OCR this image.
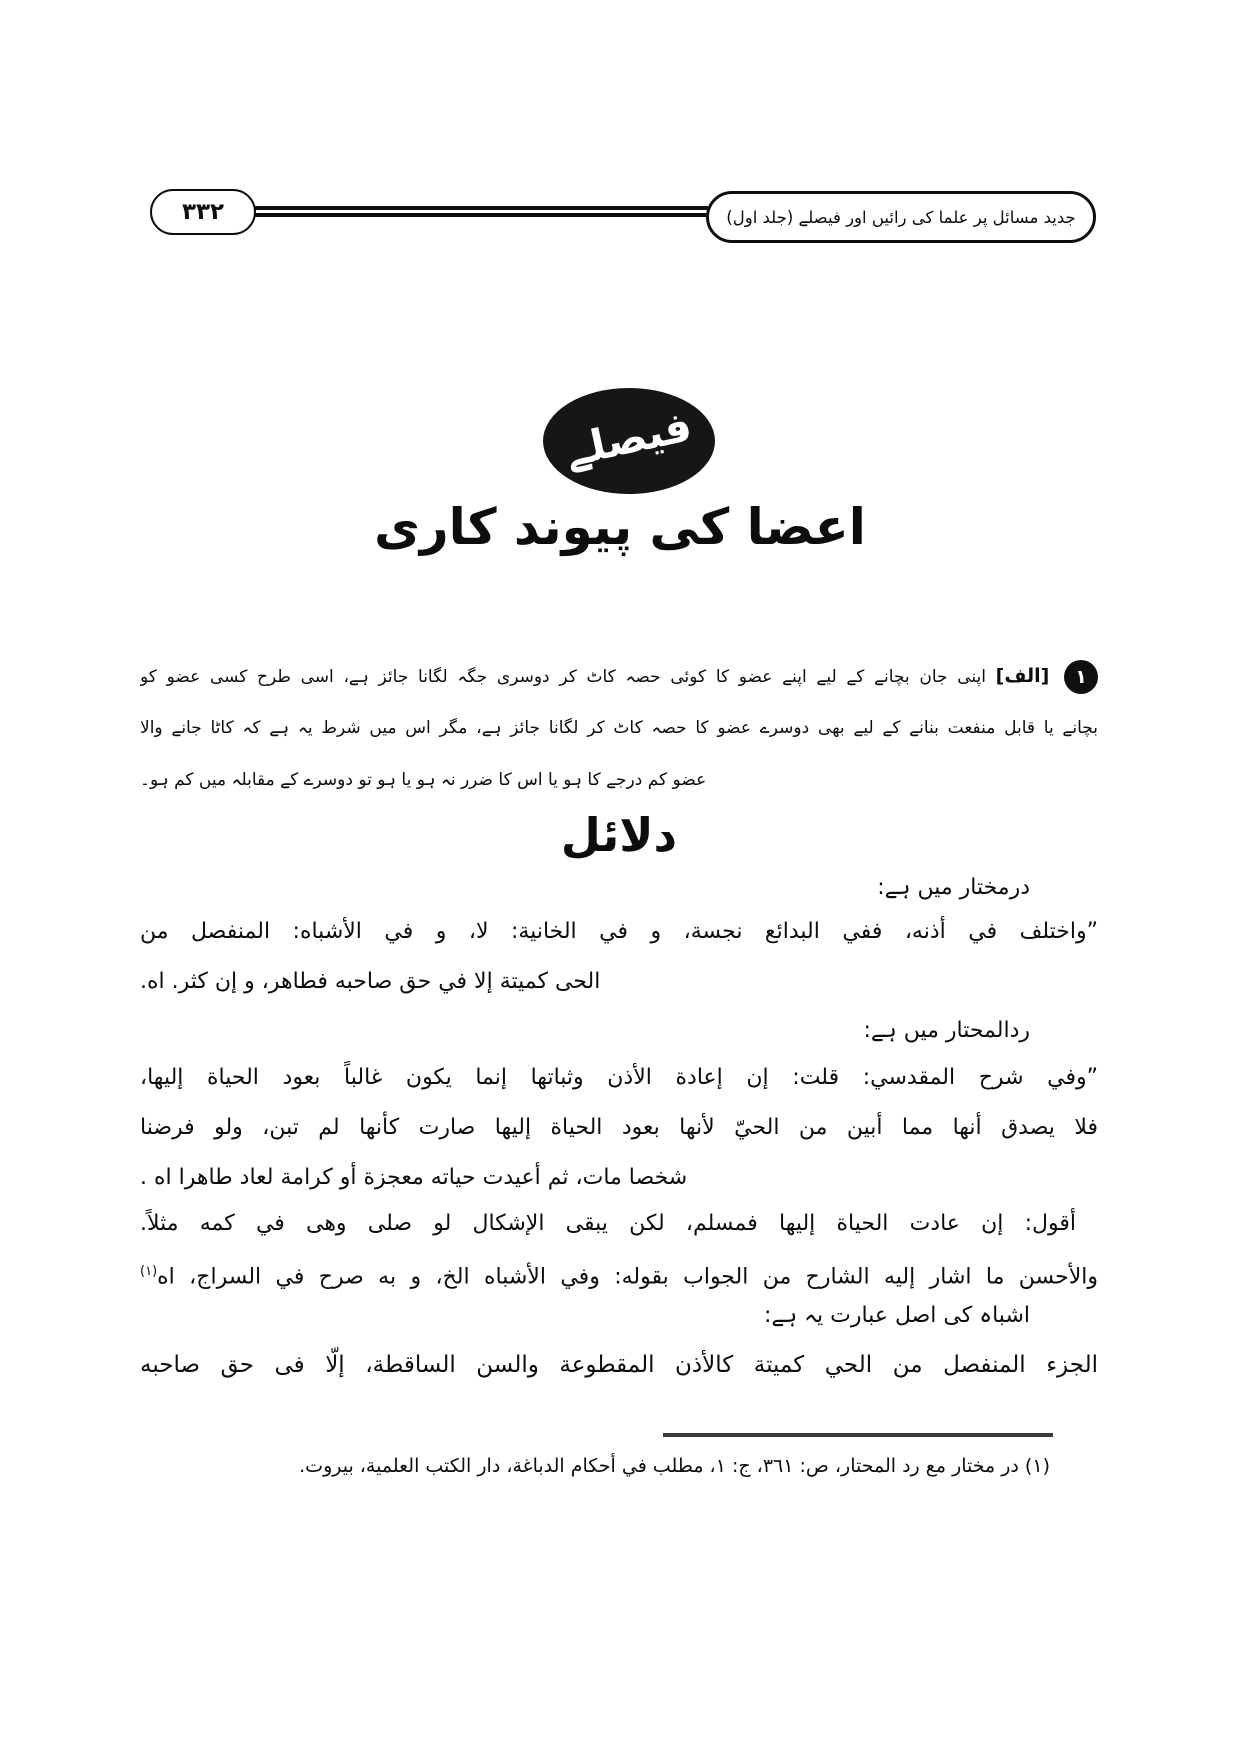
٣٣٢	جدید مسائل پر علما کی رائیں اور فیصلے (جلد اول)
فیصلے
اعضا کی پیوند کاری
١ [الف] اپنی جان بچانے کے لیے اپنے عضو کا کوئی حصہ کاٹ کر دوسری جگہ لگانا جائز ہے، اسی طرح کسی عضو کو
بچانے یا قابل منفعت بنانے کے لیے بھی دوسرے عضو کا حصہ کاٹ کر لگانا جائز ہے، مگر اس میں شرط یہ ہے کہ کاٹا جانے والا
عضو کم درجے کا ہو یا اس کا ضرر نہ ہو یا ہو تو دوسرے کے مقابلہ میں کم ہو۔
دلائل
درمختار میں ہے:
”واختلف في أذنه، ففي البدائع نجسة، و في الخانية: لا، و في الأشباه: المنفصل من
الحى كميتة إلا في حق صاحبه فطاهر، و إن كثر. اه.
ردالمحتار میں ہے:
”وفي شرح المقدسي: قلت: إن إعادة الأذن وثباتها إنما يكون غالباً بعود الحياة إليها،
فلا يصدق أنها مما أبين من الحيّ لأنها بعود الحياة إليها صارت كأنها لم تبن، ولو فرضنا
شخصا مات، ثم أعيدت حياته معجزة أو كرامة لعاد طاهرا اه .
أقول: إن عادت الحياة إليها فمسلم، لكن يبقى الإشكال لو صلى وهى في كمه مثلاً.
والأحسن ما اشار إليه الشارح من الجواب بقوله: وفي الأشباه الخ، و به صرح في السراج، اه$^{(١)}$
اشباہ کی اصل عبارت یہ ہے:
الجزء المنفصل من الحي كميتة كالأذن المقطوعة والسن الساقطة، إلّا فى حق صاحبه
(١) در مختار مع رد المحتار، ص: ٣٦١، ج: ١، مطلب في أحكام الدباغة، دار الكتب العلمية، بيروت.
